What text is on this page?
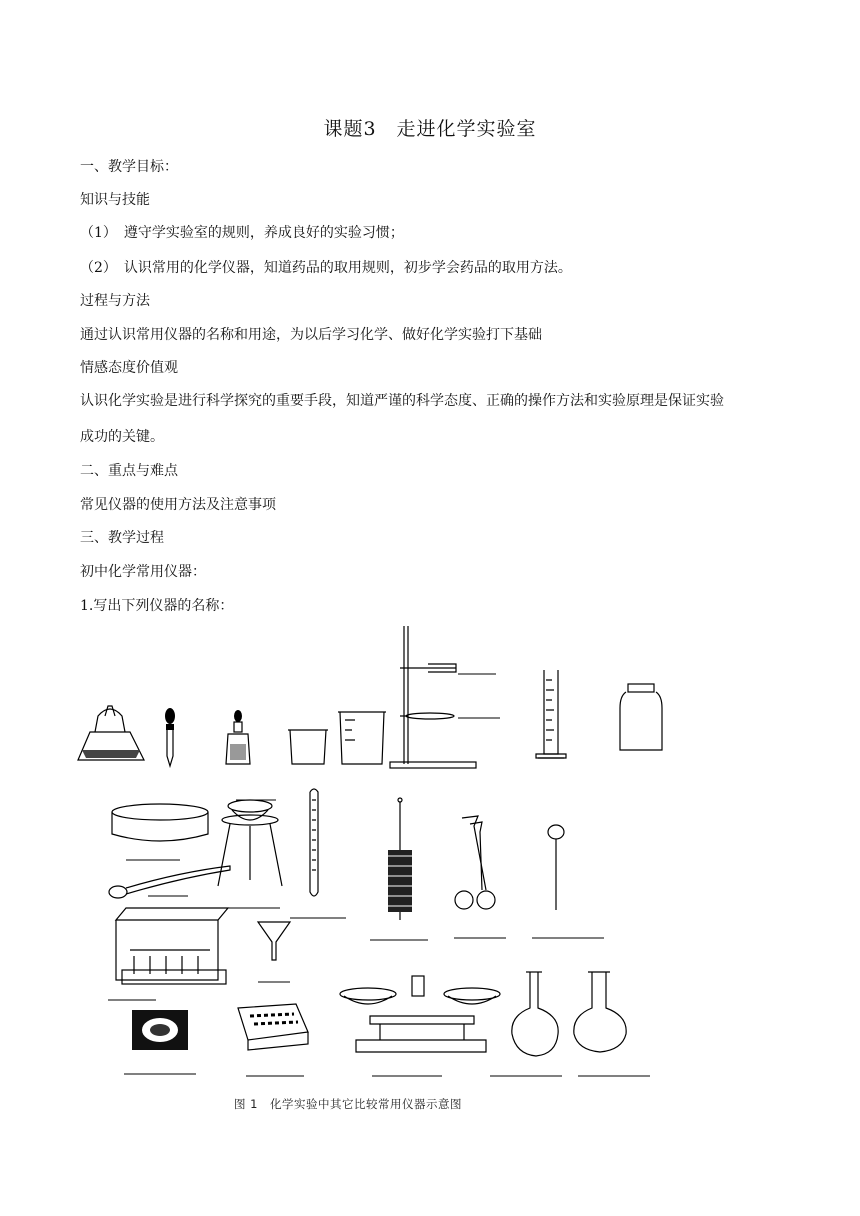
课题3　走进化学实验室
一、教学目标：
知识与技能
（1）　遵守学实验室的规则，养成良好的实验习惯；
（2）　认识常用的化学仪器，知道药品的取用规则，初步学会药品的取用方法。
过程与方法
通过认识常用仪器的名称和用途，为以后学习化学、做好化学实验打下基础
情感态度价值观
认识化学实验是进行科学探究的重要手段，知道严谨的科学态度、正确的操作方法和实验原理是保证实验
成功的关键。
二、重点与难点
常见仪器的使用方法及注意事项
三、教学过程
初中化学常用仪器：
1.写出下列仪器的名称：
图 1　化学实验中其它比较常用仪器示意图
